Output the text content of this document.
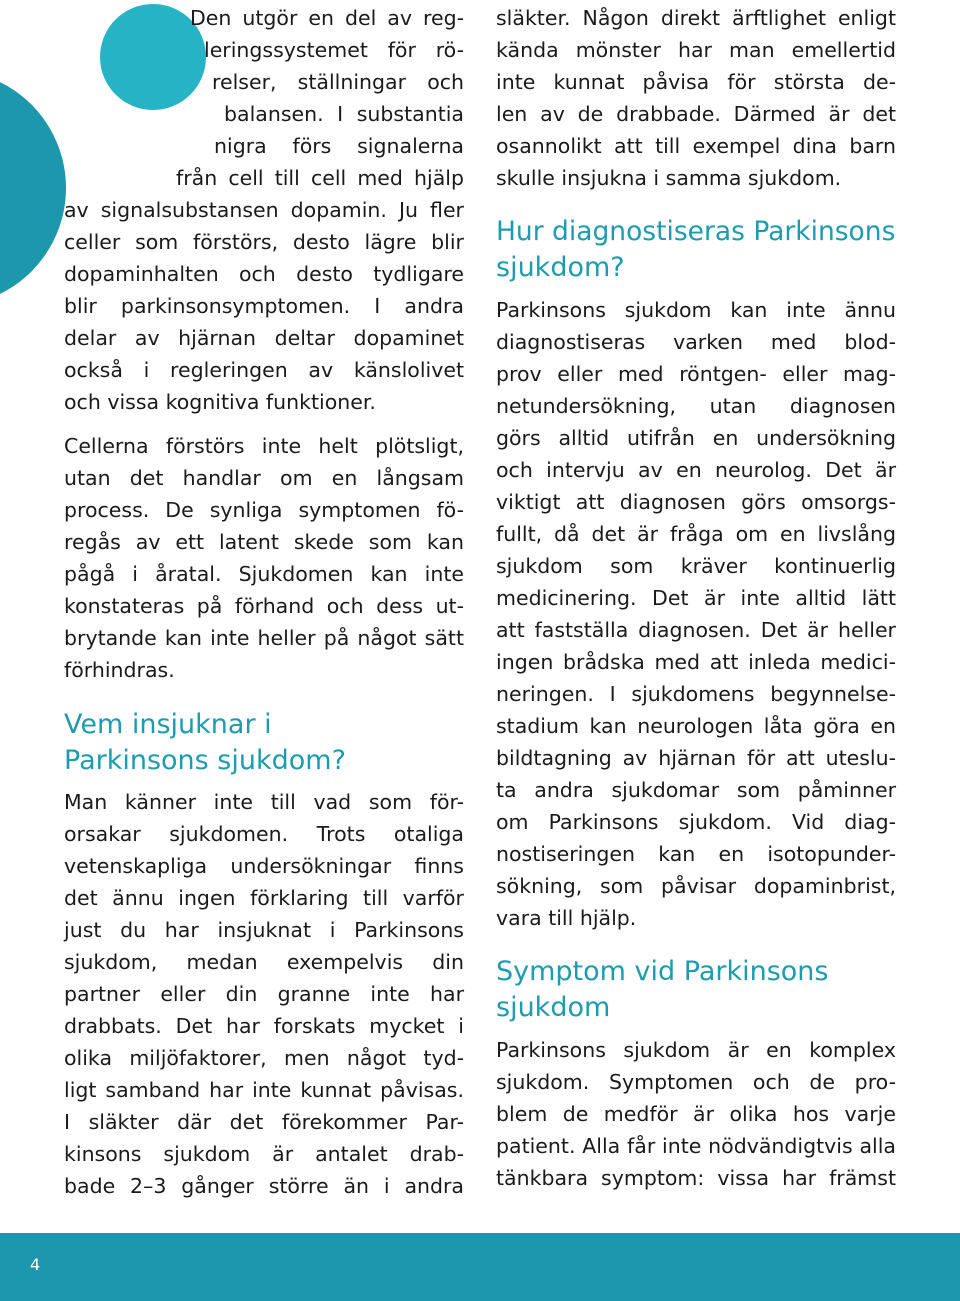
Den utgör en del av reg-
leringssystemet för rö-
relser, ställningar och
balansen. I substantia
nigra förs signalerna
från cell till cell med hjälp
av signalsubstansen dopamin. Ju fler
celler som förstörs, desto lägre blir
dopaminhalten och desto tydligare
blir parkinsonsymptomen. I andra
delar av hjärnan deltar dopaminet
också i regleringen av känslolivet
och vissa kognitiva funktioner.
Cellerna förstörs inte helt plötsligt,
utan det handlar om en långsam
process. De synliga symptomen fö-
regås av ett latent skede som kan
pågå i åratal. Sjukdomen kan inte
konstateras på förhand och dess ut-
brytande kan inte heller på något sätt
förhindras.
Vem insjuknar i
Parkinsons sjukdom?
Man känner inte till vad som för-
orsakar sjukdomen. Trots otaliga
vetenskapliga undersökningar finns
det ännu ingen förklaring till varför
just du har insjuknat i Parkinsons
sjukdom, medan exempelvis din
partner eller din granne inte har
drabbats. Det har forskats mycket i
olika miljöfaktorer, men något tyd-
ligt samband har inte kunnat påvisas.
I släkter där det förekommer Par-
kinsons sjukdom är antalet drab-
bade 2–3 gånger större än i andra
släkter. Någon direkt ärftlighet enligt
kända mönster har man emellertid
inte kunnat påvisa för största de-
len av de drabbade. Därmed är det
osannolikt att till exempel dina barn
skulle insjukna i samma sjukdom.
Hur diagnostiseras Parkinsons
sjukdom?
Parkinsons sjukdom kan inte ännu
diagnostiseras varken med blod-
prov eller med röntgen- eller mag-
netundersökning, utan diagnosen
görs alltid utifrån en undersökning
och intervju av en neurolog. Det är
viktigt att diagnosen görs omsorgs-
fullt, då det är fråga om en livslång
sjukdom som kräver kontinuerlig
medicinering. Det är inte alltid lätt
att fastställa diagnosen. Det är heller
ingen brådska med att inleda medici-
neringen. I sjukdomens begynnelse-
stadium kan neurologen låta göra en
bildtagning av hjärnan för att uteslu-
ta andra sjukdomar som påminner
om Parkinsons sjukdom. Vid diag-
nostiseringen kan en isotopunder-
sökning, som påvisar dopaminbrist,
vara till hjälp.
Symptom vid Parkinsons
sjukdom
Parkinsons sjukdom är en komplex
sjukdom. Symptomen och de pro-
blem de medför är olika hos varje
patient. Alla får inte nödvändigtvis alla
tänkbara symptom: vissa har främst
4
